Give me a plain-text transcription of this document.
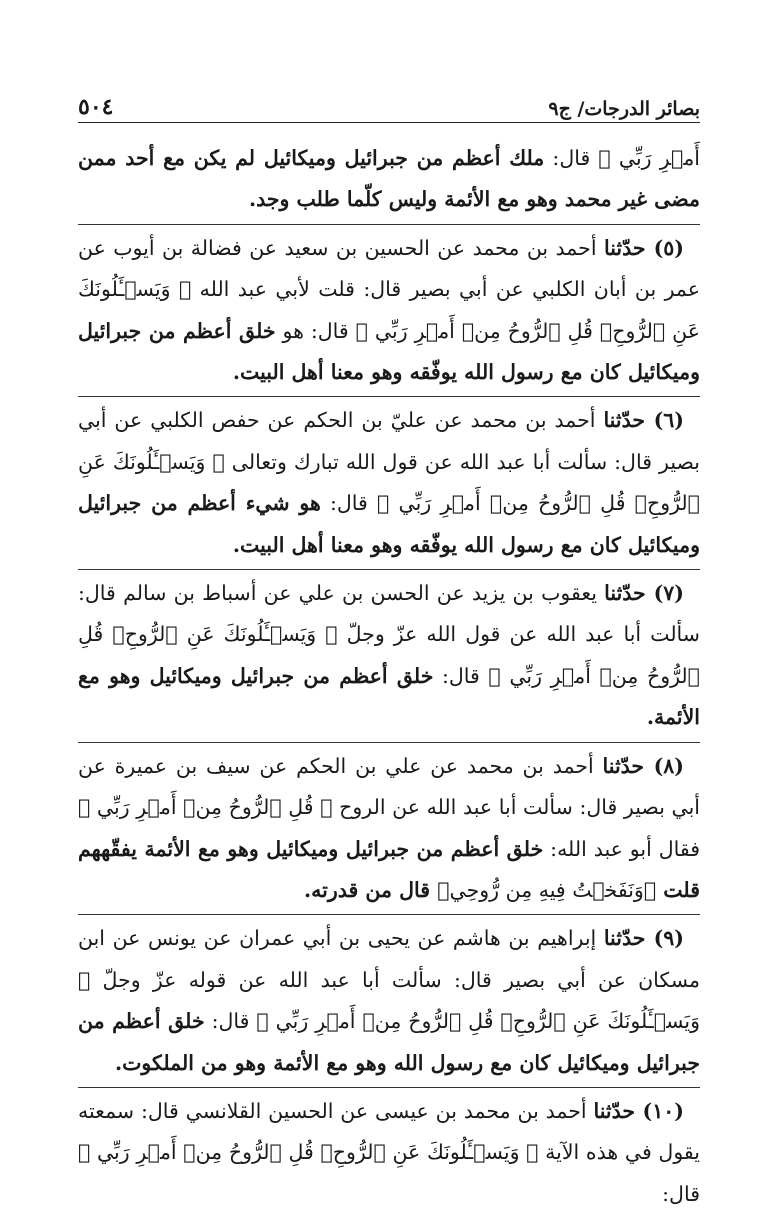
بصائر الدرجات/ ج٩
٥٠٤

أَمۡرِ رَبِّي ﴾ قال: ملك أعظم من جبرائيل وميكائيل لم يكن مع أحد ممن مضى غير محمد وهو مع الأئمة وليس كلّما طلب وجد.

(٥) حدّثنا أحمد بن محمد عن الحسين بن سعيد عن فضالة بن أيوب عن عمر بن أبان الكلبي عن أبي بصير قال: قلت لأبي عبد الله ﴿ وَيَسۡـَٔلُونَكَ عَنِ ٱلرُّوحِۖ قُلِ ٱلرُّوحُ مِنۡ أَمۡرِ رَبِّي ﴾ قال: هو خلق أعظم من جبرائيل وميكائيل كان مع رسول الله يوفّقه وهو معنا أهل البيت.

(٦) حدّثنا أحمد بن محمد عن عليّ بن الحكم عن حفص الكلبي عن أبي بصير قال: سألت أبا عبد الله عن قول الله تبارك وتعالى ﴿ وَيَسۡـَٔلُونَكَ عَنِ ٱلرُّوحِۖ قُلِ ٱلرُّوحُ مِنۡ أَمۡرِ رَبِّي ﴾ قال: هو شيء أعظم من جبرائيل وميكائيل كان مع رسول الله يوفّقه وهو معنا أهل البيت.

(٧) حدّثنا يعقوب بن يزيد عن الحسن بن علي عن أسباط بن سالم قال: سألت أبا عبد الله عن قول الله عزّ وجلّ ﴿ وَيَسۡـَٔلُونَكَ عَنِ ٱلرُّوحِۖ قُلِ ٱلرُّوحُ مِنۡ أَمۡرِ رَبِّي ﴾ قال: خلق أعظم من جبرائيل وميكائيل وهو مع الأئمة.

(٨) حدّثنا أحمد بن محمد عن علي بن الحكم عن سيف بن عميرة عن أبي بصير قال: سألت أبا عبد الله عن الروح ﴿ قُلِ ٱلرُّوحُ مِنۡ أَمۡرِ رَبِّي ﴾ فقال أبو عبد الله: خلق أعظم من جبرائيل وميكائيل وهو مع الأئمة يفقّههم قلت ﴿وَنَفَخۡتُ فِيهِ مِن رُّوحِي﴾ قال من قدرته.

(٩) حدّثنا إبراهيم بن هاشم عن يحيى بن أبي عمران عن يونس عن ابن مسكان عن أبي بصير قال: سألت أبا عبد الله عن قوله عزّ وجلّ ﴿ وَيَسۡـَٔلُونَكَ عَنِ ٱلرُّوحِۖ قُلِ ٱلرُّوحُ مِنۡ أَمۡرِ رَبِّي ﴾ قال: خلق أعظم من جبرائيل وميكائيل كان مع رسول الله وهو مع الأئمة وهو من الملكوت.

(١٠) حدّثنا أحمد بن محمد بن عيسى عن الحسين القلانسي قال: سمعته يقول في هذه الآية ﴿ وَيَسۡـَٔلُونَكَ عَنِ ٱلرُّوحِۖ قُلِ ٱلرُّوحُ مِنۡ أَمۡرِ رَبِّي ﴾ قال:
